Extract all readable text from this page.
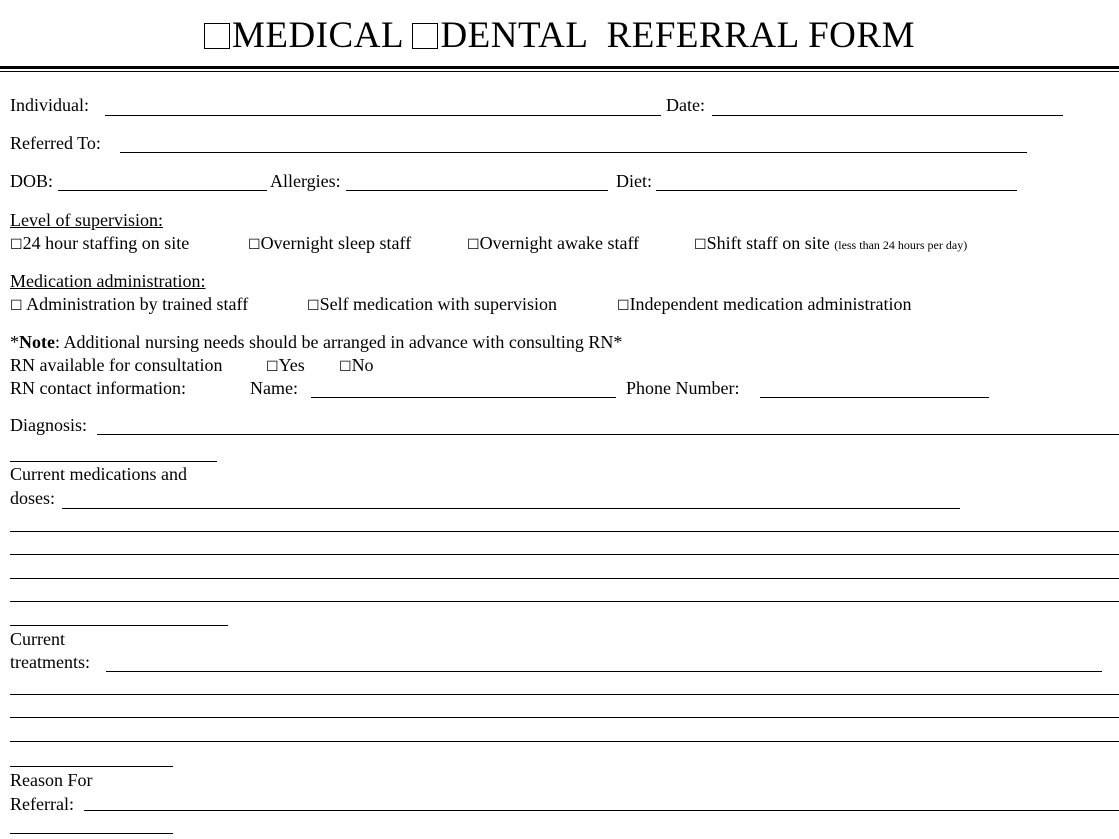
MEDICAL DENTAL REFERRAL FORM
Individual:	Date:
Referred To:
DOB:	Allergies:	Diet:
Level of supervision:
☐24 hour staffing on site	☐Overnight sleep staff	☐Overnight awake staff	☐Shift staff on site (less than 24 hours per day)
Medication administration:
☐ Administration by trained staff	☐Self medication with supervision	☐Independent medication administration
*Note: Additional nursing needs should be arranged in advance with consulting RN*
RN available for consultation	☐Yes ☐No
RN contact information:	Name:	Phone Number:
Diagnosis:
Current medications and
doses:
Current
treatments:
Reason For
Referral:
